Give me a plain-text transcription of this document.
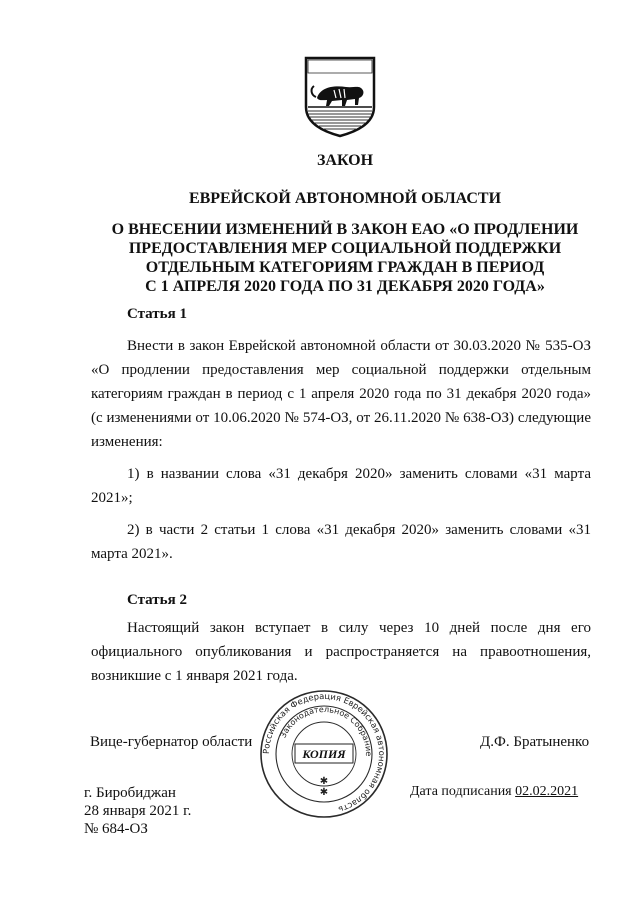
ЗАКОН
ЕВРЕЙСКОЙ АВТОНОМНОЙ ОБЛАСТИ
О ВНЕСЕНИИ ИЗМЕНЕНИЙ В ЗАКОН ЕАО «О ПРОДЛЕНИИ
ПРЕДОСТАВЛЕНИЯ МЕР СОЦИАЛЬНОЙ ПОДДЕРЖКИ
ОТДЕЛЬНЫМ КАТЕГОРИЯМ ГРАЖДАН В ПЕРИОД
С 1 АПРЕЛЯ 2020 ГОДА ПО 31 ДЕКАБРЯ 2020 ГОДА»
Статья 1

Внести в закон Еврейской автономной области от 30.03.2020 № 535-ОЗ «О продлении предоставления мер социальной поддержки отдельным категориям граждан в период с 1 апреля 2020 года по 31 декабря 2020 года» (с изменениями от 10.06.2020 № 574-ОЗ, от 26.11.2020 № 638-ОЗ) следующие изменения:

1) в названии слова «31 декабря 2020» заменить словами «31 марта 2021»;

2) в части 2 статьи 1 слова «31 декабря 2020» заменить словами «31 марта 2021».

Статья 2

Настоящий закон вступает в силу через 10 дней после дня его официального опубликования и распространяется на правоотношения, возникшие с 1 января 2021 года.

Вице-губернатор области	Д.Ф. Братыненко
Российская Федерация Еврейская автономная область
Законодательное Собрание
КОПИЯ
✱
✱
г. Биробиджан
28 января 2021 г.
№ 684-ОЗ
Дата подписания 02.02.2021
